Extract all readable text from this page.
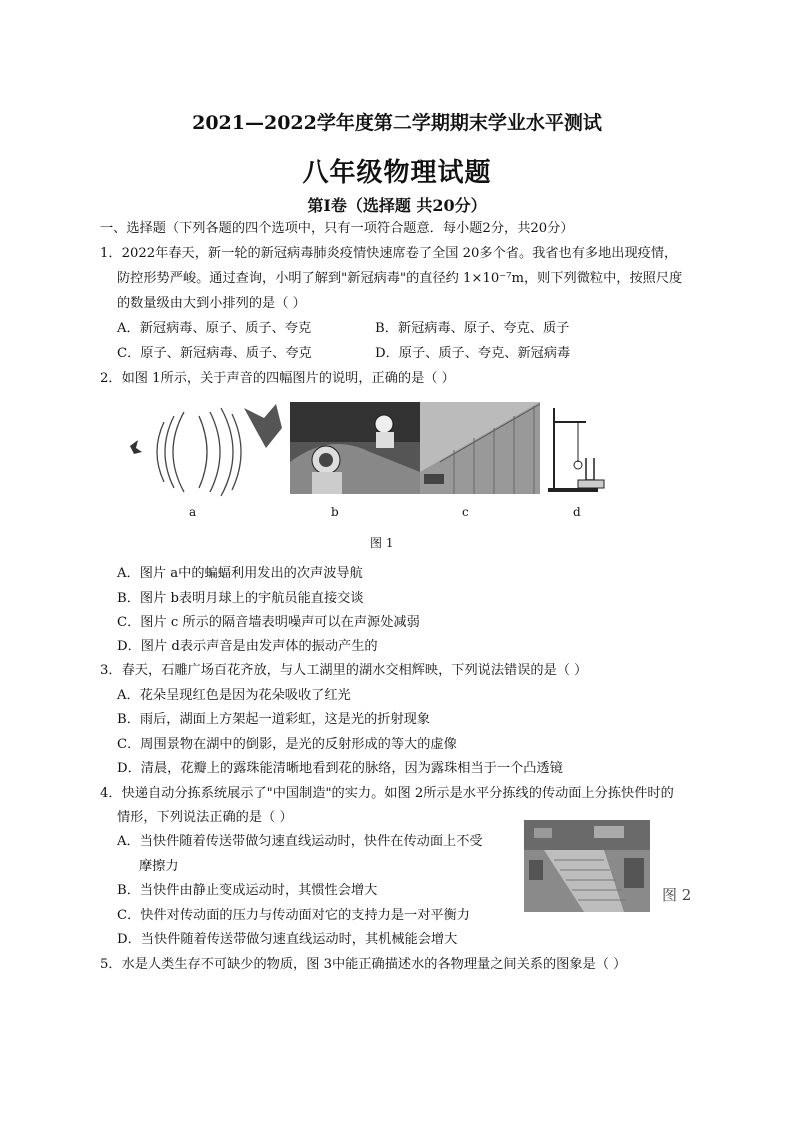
2021—2022学年度第二学期期末学业水平测试
八年级物理试题
第Ⅰ卷（选择题 共20分）
一、选择题（下列各题的四个选项中，只有一项符合题意．每小题2分，共20分）
1．2022年春天，新一轮的新冠病毒肺炎疫情快速席卷了全国 20多个省。我省也有多地出现疫情，
防控形势严峻。通过查询，小明了解到"新冠病毒"的直径约 1×10⁻⁷m，则下列微粒中，按照尺度
的数量级由大到小排列的是（ ）
A．新冠病毒、原子、质子、夸克	B．新冠病毒、原子、夸克、质子
C．原子、新冠病毒、质子、夸克	D．原子、质子、夸克、新冠病毒
2．如图 1所示，关于声音的四幅图片的说明，正确的是（ ）
a	b	c	d
图 1
A．图片 a中的蝙蝠利用发出的次声波导航
B．图片 b表明月球上的宇航员能直接交谈
C．图片 c 所示的隔音墙表明噪声可以在声源处减弱
D．图片 d表示声音是由发声体的振动产生的
3．春天，石雕广场百花齐放，与人工湖里的湖水交相辉映，下列说法错误的是（ ）
A．花朵呈现红色是因为花朵吸收了红光
B．雨后，湖面上方架起一道彩虹，这是光的折射现象
C．周围景物在湖中的倒影，是光的反射形成的等大的虚像
D．清晨，花瓣上的露珠能清晰地看到花的脉络，因为露珠相当于一个凸透镜
4．快递自动分拣系统展示了"中国制造"的实力。如图 2所示是水平分拣线的传动面上分拣快件时的
情形，下列说法正确的是（ ）
A．当快件随着传送带做匀速直线运动时，快件在传动面上不受
摩擦力
B．当快件由静止变成运动时，其惯性会增大
C．快件对传动面的压力与传动面对它的支持力是一对平衡力
D．当快件随着传送带做匀速直线运动时，其机械能会增大
图 2
5．水是人类生存不可缺少的物质，图 3中能正确描述水的各物理量之间关系的图象是（ ）
